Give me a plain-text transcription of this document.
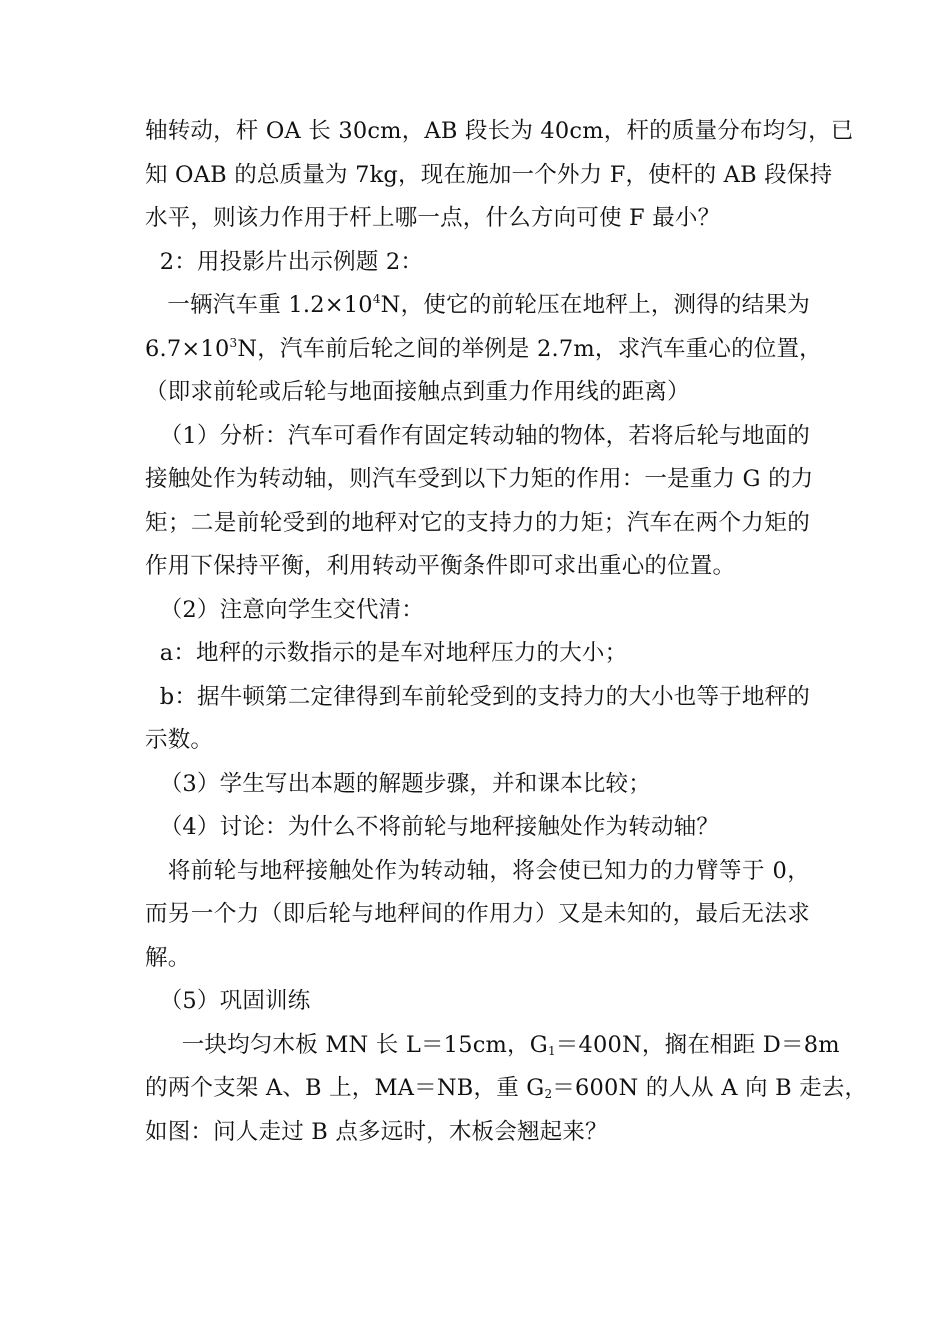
轴转动，杆 OA 长 30cm，AB 段长为 40cm，杆的质量分布均匀，已
知 OAB 的总质量为 7kg，现在施加一个外力 F，使杆的 AB 段保持
水平，则该力作用于杆上哪一点，什么方向可使 F 最小？
2：用投影片出示例题 2：
一辆汽车重 $1.2\times 10^4N$，使它的前轮压在地秤上，测得的结果为
$6.7\times 10^3N$，汽车前后轮之间的举例是 2.7m，求汽车重心的位置，
（即求前轮或后轮与地面接触点到重力作用线的距离）
（1）分析：汽车可看作有固定转动轴的物体，若将后轮与地面的
接触处作为转动轴，则汽车受到以下力矩的作用：一是重力 G 的力
矩；二是前轮受到的地秤对它的支持力的力矩；汽车在两个力矩的
作用下保持平衡，利用转动平衡条件即可求出重心的位置。
（2）注意向学生交代清：
a：地秤的示数指示的是车对地秤压力的大小；
b：据牛顿第二定律得到车前轮受到的支持力的大小也等于地秤的
示数。
（3）学生写出本题的解题步骤，并和课本比较；
（4）讨论：为什么不将前轮与地秤接触处作为转动轴？
将前轮与地秤接触处作为转动轴，将会使已知力的力臂等于 0，
而另一个力（即后轮与地秤间的作用力）又是未知的，最后无法求
解。
（5）巩固训练
一块均匀木板 MN 长 L＝15cm，$G_1=400N$，搁在相距 D＝8m
的两个支架 A、B 上，MA＝NB，重 $G_2=600N$ 的人从 A 向 B 走去，
如图：问人走过 B 点多远时，木板会翘起来？
